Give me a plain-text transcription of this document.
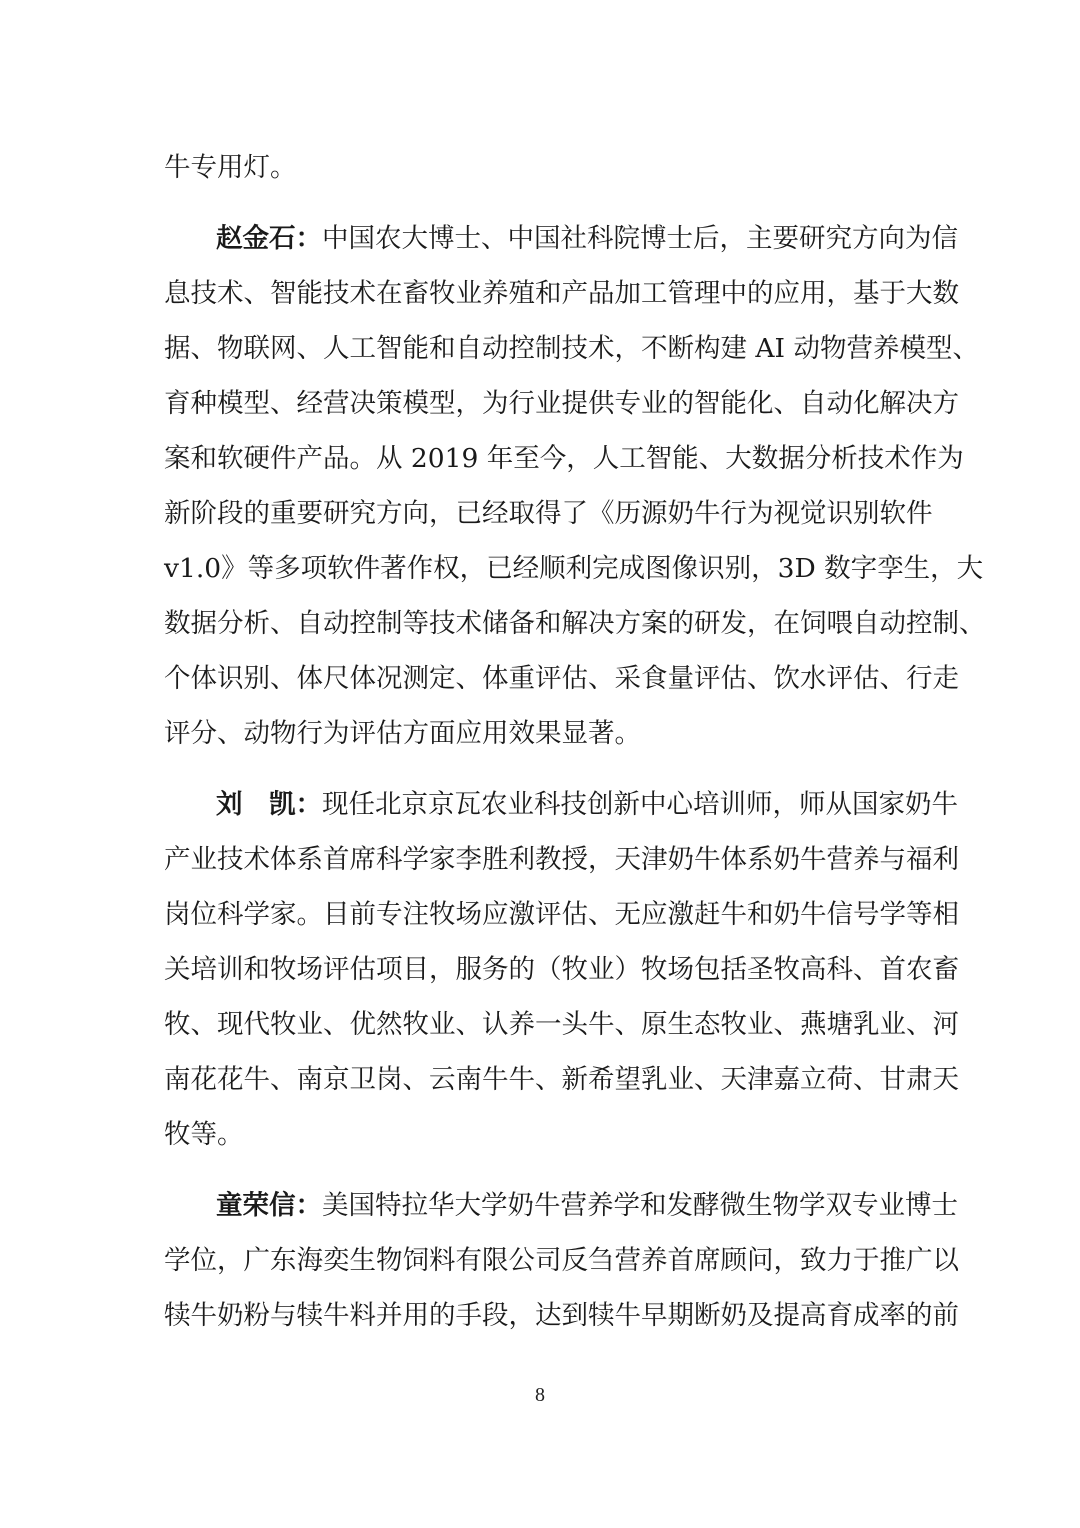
牛专用灯。
赵金石：中国农大博士、中国社科院博士后，主要研究方向为信
息技术、智能技术在畜牧业养殖和产品加工管理中的应用，基于大数
据、物联网、人工智能和自动控制技术，不断构建 AI 动物营养模型、
育种模型、经营决策模型，为行业提供专业的智能化、自动化解决方
案和软硬件产品。从 2019 年至今，人工智能、大数据分析技术作为
新阶段的重要研究方向，已经取得了《历源奶牛行为视觉识别软件
v1.0》等多项软件著作权，已经顺利完成图像识别，3D 数字孪生，大
数据分析、自动控制等技术储备和解决方案的研发，在饲喂自动控制、
个体识别、体尺体况测定、体重评估、采食量评估、饮水评估、行走
评分、动物行为评估方面应用效果显著。
刘　凯：现任北京京瓦农业科技创新中心培训师，师从国家奶牛
产业技术体系首席科学家李胜利教授，天津奶牛体系奶牛营养与福利
岗位科学家。目前专注牧场应激评估、无应激赶牛和奶牛信号学等相
关培训和牧场评估项目，服务的（牧业）牧场包括圣牧高科、首农畜
牧、现代牧业、优然牧业、认养一头牛、原生态牧业、燕塘乳业、河
南花花牛、南京卫岗、云南牛牛、新希望乳业、天津嘉立荷、甘肃天
牧等。
童荣信：美国特拉华大学奶牛营养学和发酵微生物学双专业博士
学位，广东海奕生物饲料有限公司反刍营养首席顾问，致力于推广以
犊牛奶粉与犊牛料并用的手段，达到犊牛早期断奶及提高育成率的前
8
